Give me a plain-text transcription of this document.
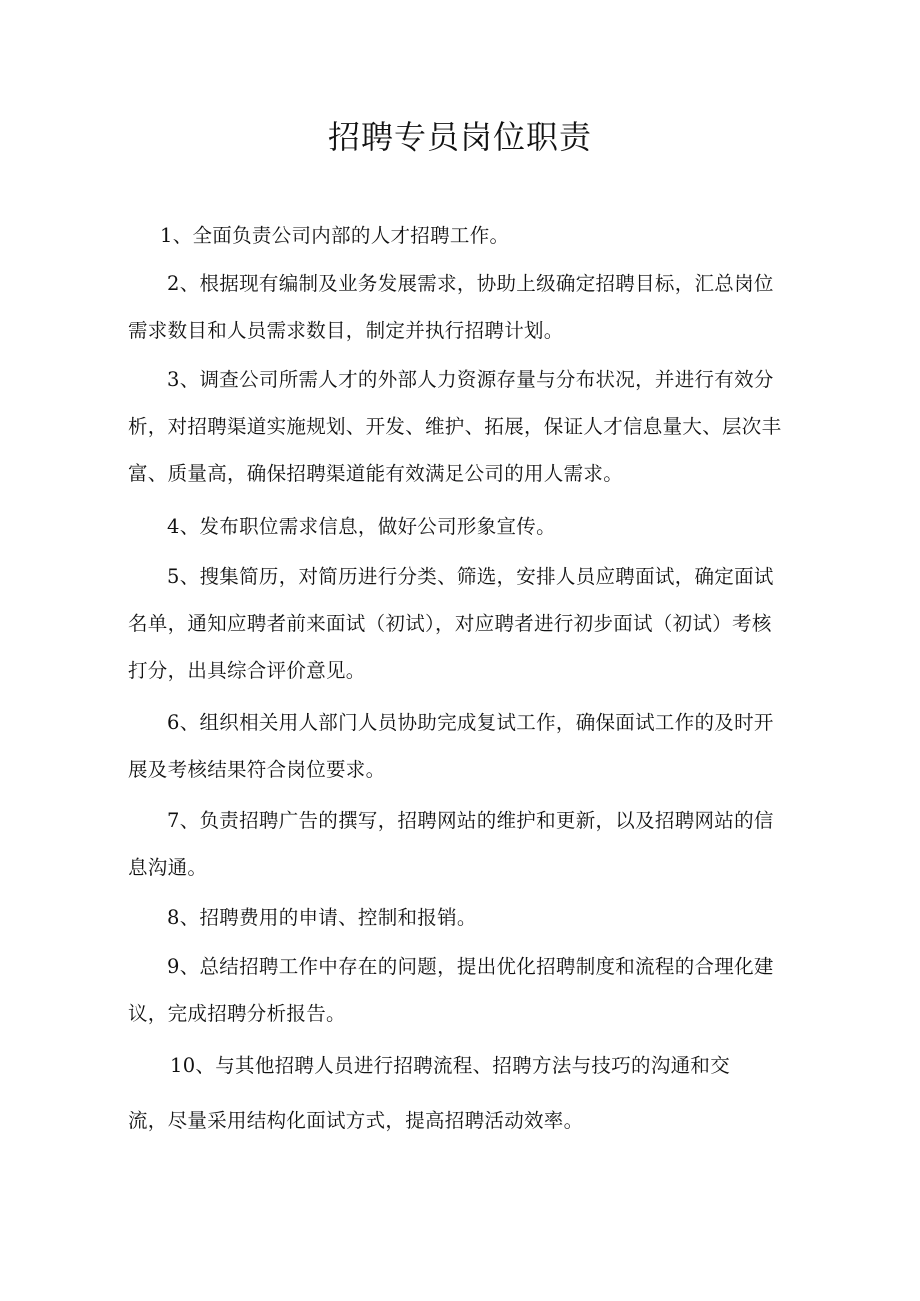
招聘专员岗位职责

1、全面负责公司内部的人才招聘工作。

2、根据现有编制及业务发展需求，协助上级确定招聘目标，汇总岗位需求数目和人员需求数目，制定并执行招聘计划。

3、调查公司所需人才的外部人力资源存量与分布状况，并进行有效分析，对招聘渠道实施规划、开发、维护、拓展，保证人才信息量大、层次丰富、质量高，确保招聘渠道能有效满足公司的用人需求。

4、发布职位需求信息，做好公司形象宣传。

5、搜集简历，对简历进行分类、筛选，安排人员应聘面试，确定面试名单，通知应聘者前来面试（初试），对应聘者进行初步面试（初试）考核打分，出具综合评价意见。

6、组织相关用人部门人员协助完成复试工作，确保面试工作的及时开展及考核结果符合岗位要求。

7、负责招聘广告的撰写，招聘网站的维护和更新，以及招聘网站的信息沟通。

8、招聘费用的申请、控制和报销。

9、总结招聘工作中存在的问题，提出优化招聘制度和流程的合理化建议，完成招聘分析报告。

10、与其他招聘人员进行招聘流程、招聘方法与技巧的沟通和交

流，尽量采用结构化面试方式，提高招聘活动效率。
